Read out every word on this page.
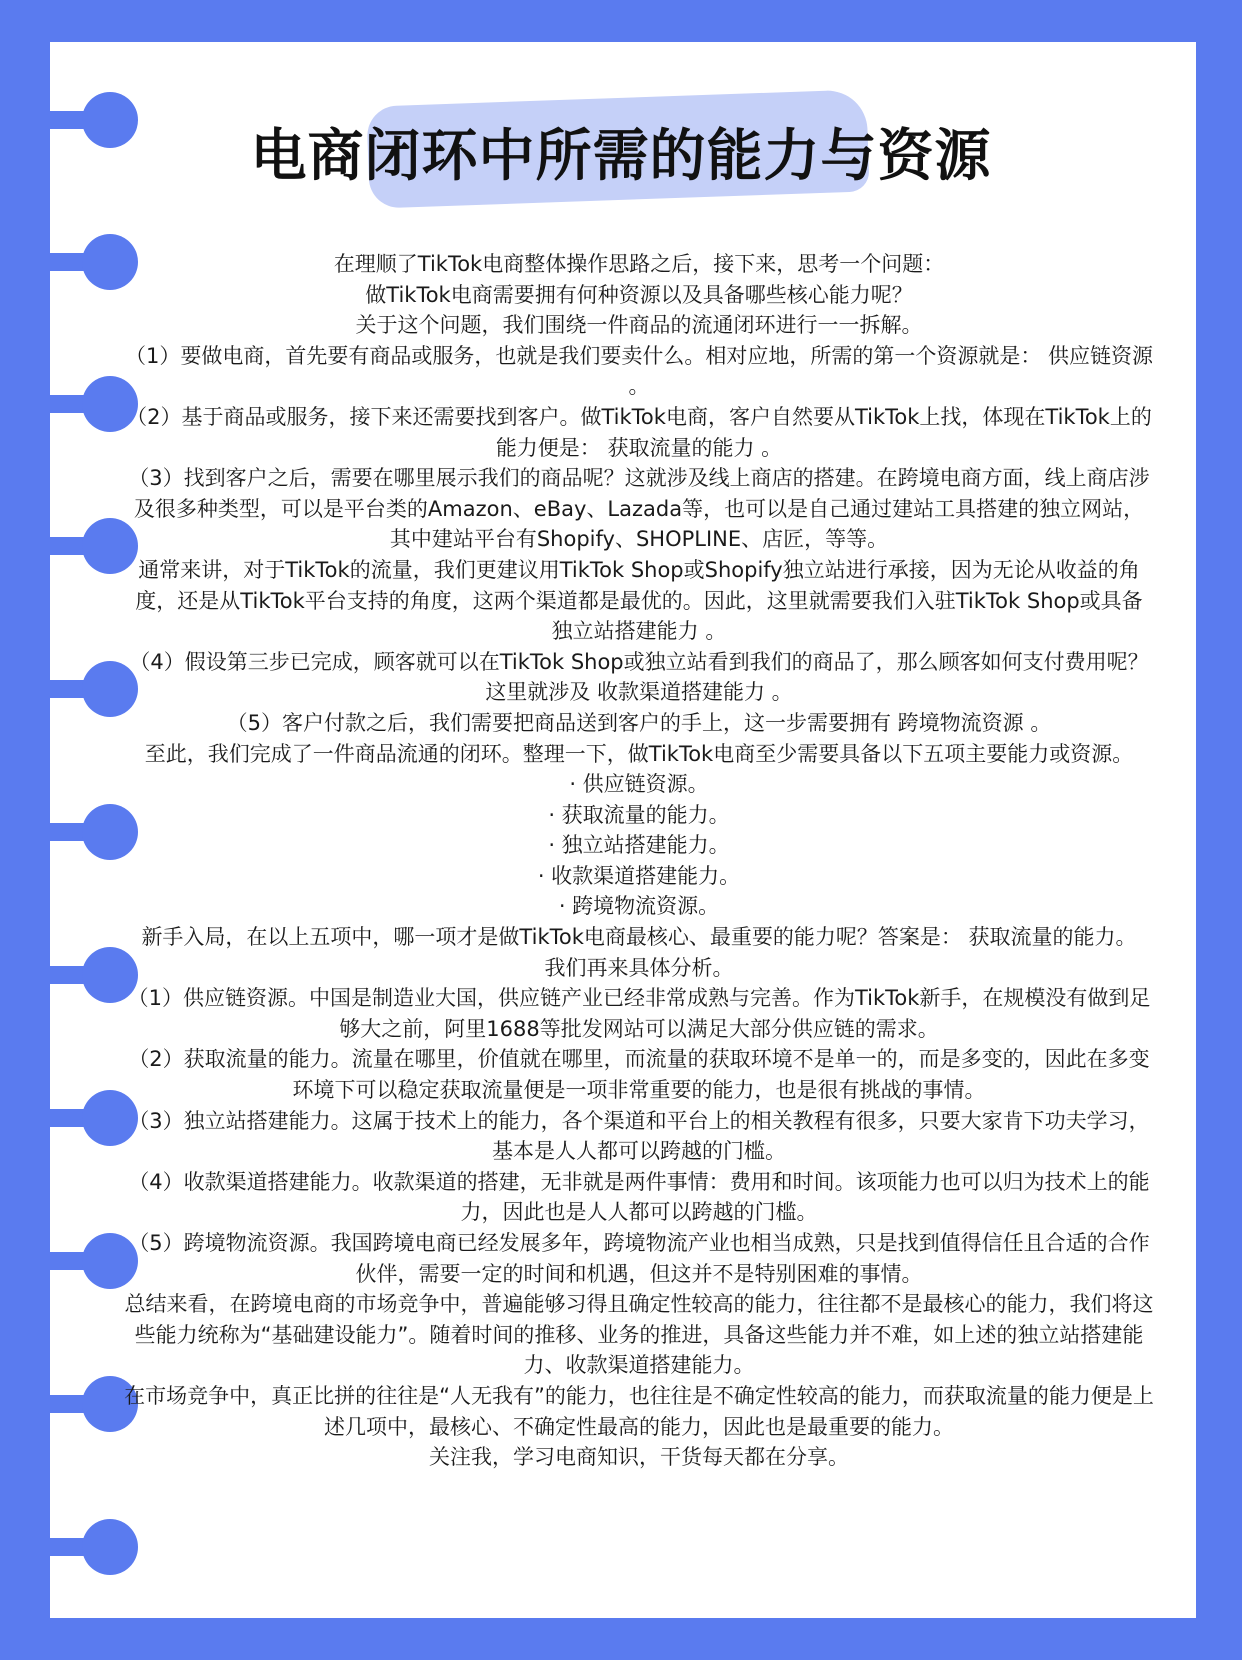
电商闭环中所需的能力与资源

在理顺了TikTok电商整体操作思路之后，接下来，思考一个问题：

做TikTok电商需要拥有何种资源以及具备哪些核心能力呢？

关于这个问题，我们围绕一件商品的流通闭环进行一一拆解。

（1）要做电商，首先要有商品或服务，也就是我们要卖什么。相对应地，所需的第一个资源就是： 供应链资源 。

（2）基于商品或服务，接下来还需要找到客户。做TikTok电商，客户自然要从TikTok上找，体现在TikTok上的能力便是： 获取流量的能力 。

（3）找到客户之后，需要在哪里展示我们的商品呢？这就涉及线上商店的搭建。在跨境电商方面，线上商店涉及很多种类型，可以是平台类的Amazon、eBay、Lazada等，也可以是自己通过建站工具搭建的独立网站，其中建站平台有Shopify、SHOPLINE、店匠，等等。

通常来讲，对于TikTok的流量，我们更建议用TikTok Shop或Shopify独立站进行承接，因为无论从收益的角度，还是从TikTok平台支持的角度，这两个渠道都是最优的。因此，这里就需要我们入驻TikTok Shop或具备 独立站搭建能力 。

（4）假设第三步已完成，顾客就可以在TikTok Shop或独立站看到我们的商品了，那么顾客如何支付费用呢？这里就涉及 收款渠道搭建能力 。

（5）客户付款之后，我们需要把商品送到客户的手上，这一步需要拥有 跨境物流资源 。

至此，我们完成了一件商品流通的闭环。整理一下，做TikTok电商至少需要具备以下五项主要能力或资源。

· 供应链资源。

· 获取流量的能力。

· 独立站搭建能力。

· 收款渠道搭建能力。

· 跨境物流资源。

新手入局，在以上五项中，哪一项才是做TikTok电商最核心、最重要的能力呢？答案是： 获取流量的能力。

我们再来具体分析。

（1）供应链资源。中国是制造业大国，供应链产业已经非常成熟与完善。作为TikTok新手，在规模没有做到足够大之前，阿里1688等批发网站可以满足大部分供应链的需求。

（2）获取流量的能力。流量在哪里，价值就在哪里，而流量的获取环境不是单一的，而是多变的，因此在多变环境下可以稳定获取流量便是一项非常重要的能力，也是很有挑战的事情。

（3）独立站搭建能力。这属于技术上的能力，各个渠道和平台上的相关教程有很多，只要大家肯下功夫学习，基本是人人都可以跨越的门槛。

（4）收款渠道搭建能力。收款渠道的搭建，无非就是两件事情：费用和时间。该项能力也可以归为技术上的能力，因此也是人人都可以跨越的门槛。

（5）跨境物流资源。我国跨境电商已经发展多年，跨境物流产业也相当成熟，只是找到值得信任且合适的合作伙伴，需要一定的时间和机遇，但这并不是特别困难的事情。

总结来看，在跨境电商的市场竞争中，普遍能够习得且确定性较高的能力，往往都不是最核心的能力，我们将这些能力统称为“基础建设能力”。随着时间的推移、业务的推进，具备这些能力并不难，如上述的独立站搭建能力、收款渠道搭建能力。

在市场竞争中，真正比拼的往往是“人无我有”的能力，也往往是不确定性较高的能力，而获取流量的能力便是上述几项中，最核心、不确定性最高的能力，因此也是最重要的能力。

关注我，学习电商知识，干货每天都在分享。
